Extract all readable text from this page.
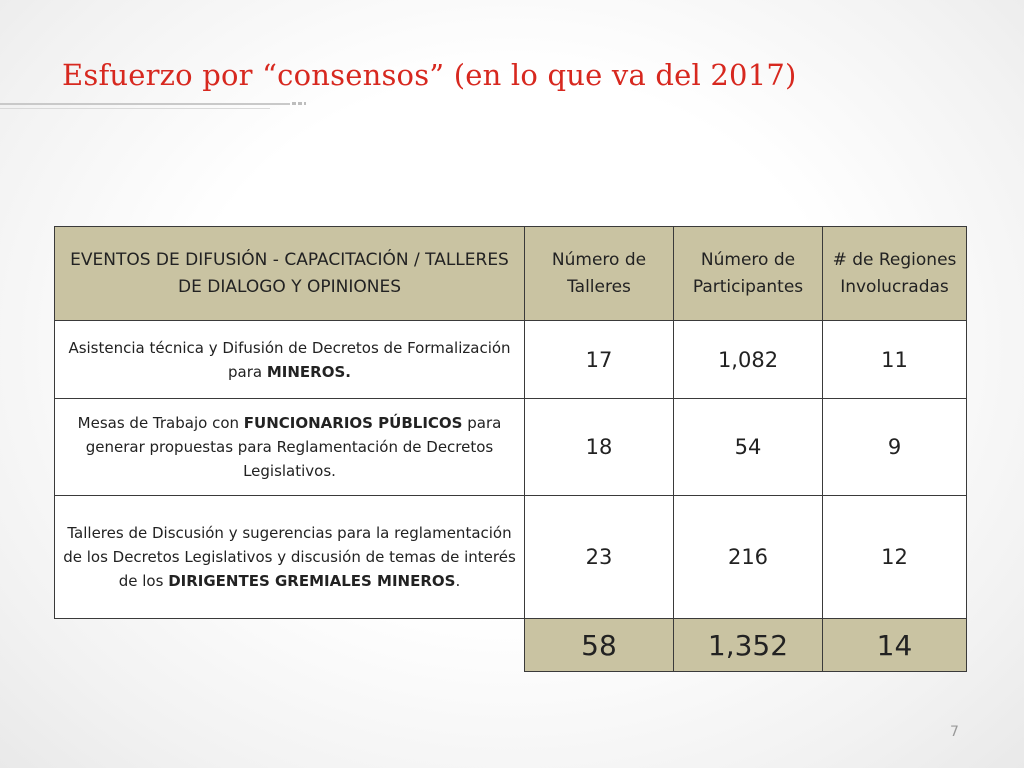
Esfuerzo por “consensos” (en lo que va del 2017)
EVENTOS DE DIFUSIÓN - CAPACITACIÓN / TALLERES DE DIALOGO Y OPINIONES	Número de Talleres	Número de Participantes	# de Regiones Involucradas
Asistencia técnica y Difusión de Decretos de Formalización para MINEROS.	17	1,082	11
Mesas de Trabajo con FUNCIONARIOS PÚBLICOS para generar propuestas para Reglamentación de Decretos Legislativos.	18	54	9
Talleres de Discusión y sugerencias para la reglamentación de los Decretos Legislativos y discusión de temas de interés de los DIRIGENTES GREMIALES MINEROS.	23	216	12
	58	1,352	14
7
